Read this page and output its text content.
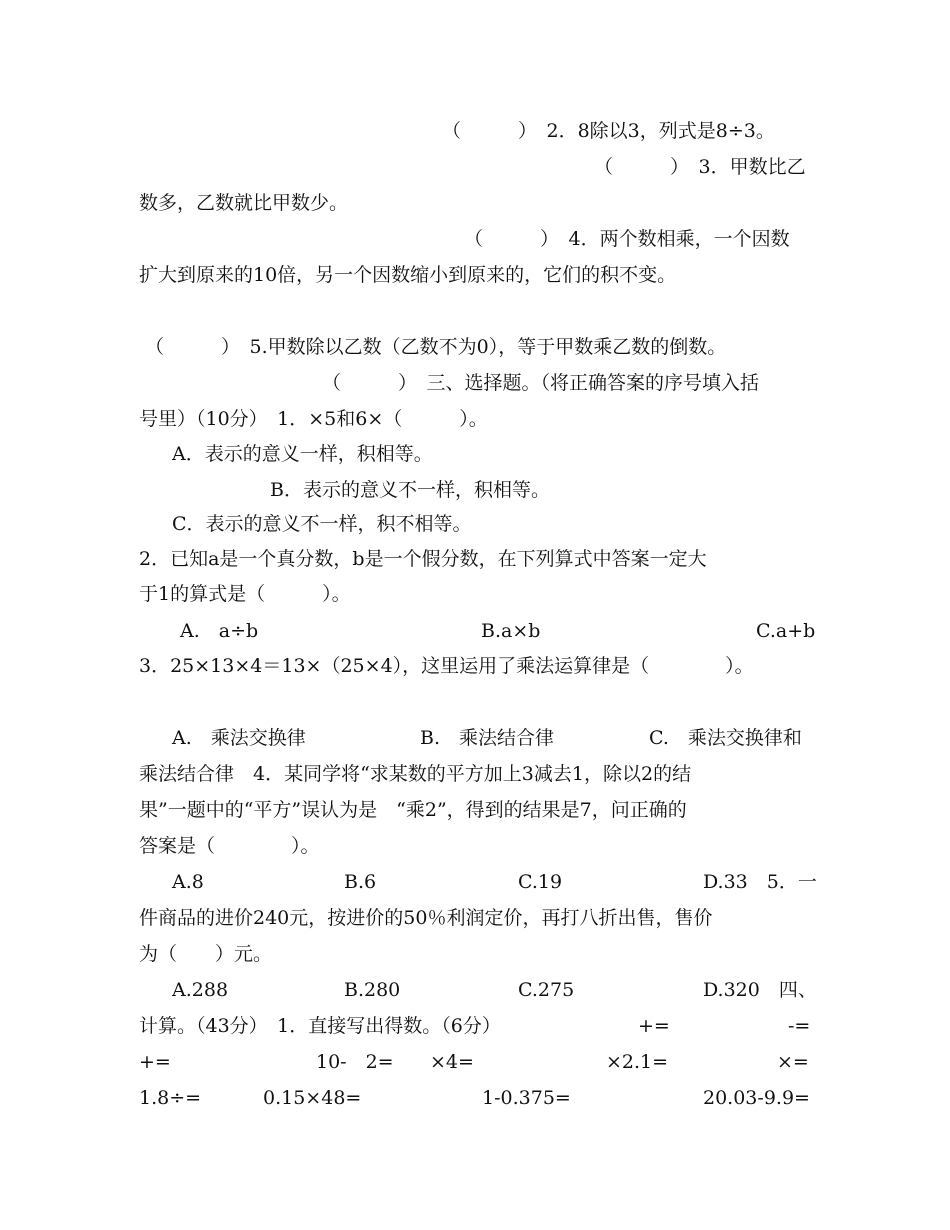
（　　　）　2．8除以3，列式是8÷3。
（　　　）　3．甲数比乙
数多，乙数就比甲数少。
（　　　）　4．两个数相乘，一个因数
扩大到原来的10倍，另一个因数缩小到原来的，它们的积不变。
（　　　）　5.甲数除以乙数（乙数不为0），等于甲数乘乙数的倒数。
（　　　）　三、选择题。（将正确答案的序号填入括
号里）（10分）　1．×5和6×（　　　）。
A．表示的意义一样，积相等。
B．表示的意义不一样，积相等。
C．表示的意义不一样，积不相等。
2．已知a是一个真分数，b是一个假分数，在下列算式中答案一定大
于1的算式是（　　　）。
A.　a÷b	B.a×b	C.a+b
3．25×13×4＝13×（25×4），这里运用了乘法运算律是（　　　　）。
A.　乘法交换律	B.　乘法结合律	C.　乘法交换律和
乘法结合律　4．某同学将“求某数的平方加上3减去1，除以2的结
果”一题中的“平方”误认为是　“乘2”，得到的结果是7，问正确的
答案是（　　　　）。
A.8	B.6	C.19	D.33　5．一
件商品的进价240元，按进价的50％利润定价，再打八折出售，售价
为（　　）元。
A.288	B.280	C.275	D.320　四、
计算。（43分）　1．直接写出得数。（6分）	+=	-=
+=	10-　2= ×4=	×2.1=	×=
1.8÷=	0.15×48=	1-0.375=	20.03-9.9=
